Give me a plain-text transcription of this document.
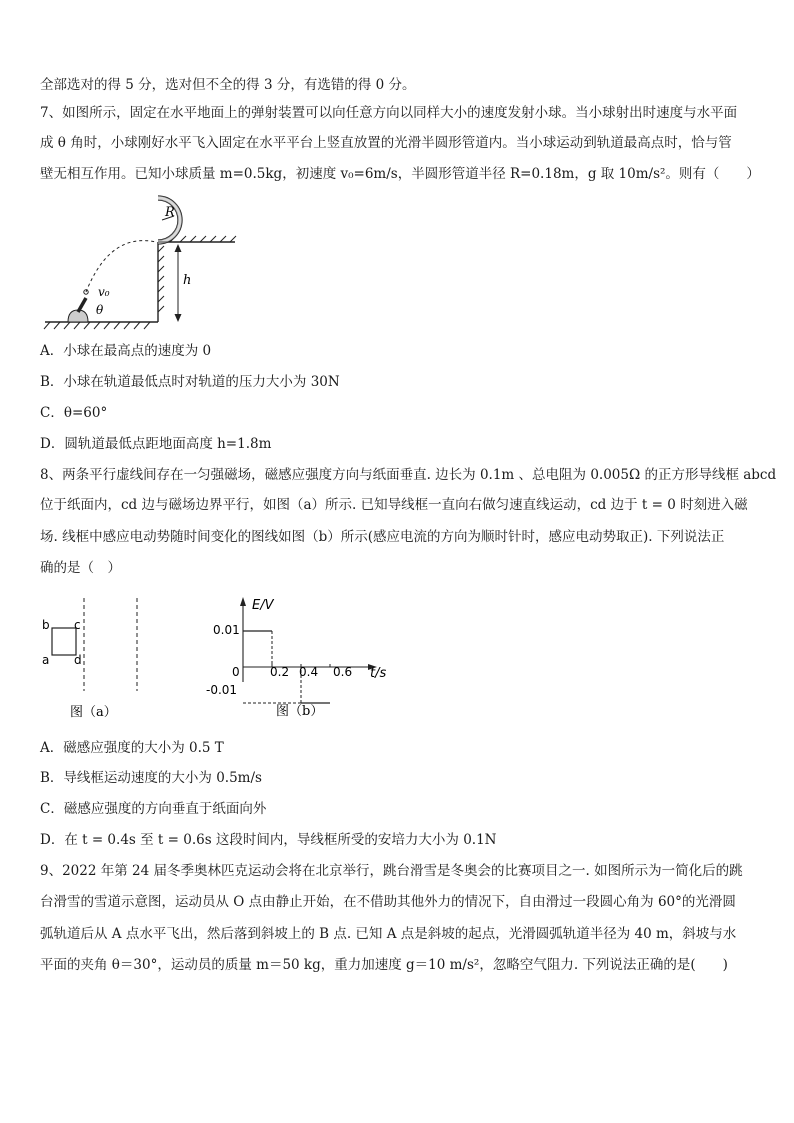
全部选对的得 5 分，选对但不全的得 3 分，有选错的得 0 分。
7、如图所示，固定在水平地面上的弹射装置可以向任意方向以同样大小的速度发射小球。当小球射出时速度与水平面
成 θ 角时，小球刚好水平飞入固定在水平平台上竖直放置的光滑半圆形管道内。当小球运动到轨道最高点时，恰与管
壁无相互作用。已知小球质量 m=0.5kg，初速度 v₀=6m/s，半圆形管道半径 R=0.18m，g 取 10m/s²。则有（　　）
R
v₀
θ
h
A．小球在最高点的速度为 0
B．小球在轨道最低点时对轨道的压力大小为 30N
C．θ=60°
D．圆轨道最低点距地面高度 h=1.8m
8、两条平行虚线间存在一匀强磁场，磁感应强度方向与纸面垂直. 边长为 0.1m 、总电阻为 0.005Ω 的正方形导线框 abcd
位于纸面内，cd 边与磁场边界平行，如图（a）所示. 已知导线框一直向右做匀速直线运动，cd 边于 t = 0 时刻进入磁
场. 线框中感应电动势随时间变化的图线如图（b）所示(感应电流的方向为顺时针时，感应电动势取正). 下列说法正
确的是（　）
b c
a d
图（a）
E/V
t/s
0.01
-0.01
0	0.2 0.4 0.6
图（b）
A．磁感应强度的大小为 0.5 T
B．导线框运动速度的大小为 0.5m/s
C．磁感应强度的方向垂直于纸面向外
D．在 t = 0.4s 至 t = 0.6s 这段时间内，导线框所受的安培力大小为 0.1N
9、2022 年第 24 届冬季奥林匹克运动会将在北京举行，跳台滑雪是冬奥会的比赛项目之一. 如图所示为一简化后的跳
台滑雪的雪道示意图，运动员从 O 点由静止开始，在不借助其他外力的情况下，自由滑过一段圆心角为 60°的光滑圆
弧轨道后从 A 点水平飞出，然后落到斜坡上的 B 点. 已知 A 点是斜坡的起点，光滑圆弧轨道半径为 40 m，斜坡与水
平面的夹角 θ＝30°，运动员的质量 m＝50 kg，重力加速度 g＝10 m/s²，忽略空气阻力. 下列说法正确的是(　　)
